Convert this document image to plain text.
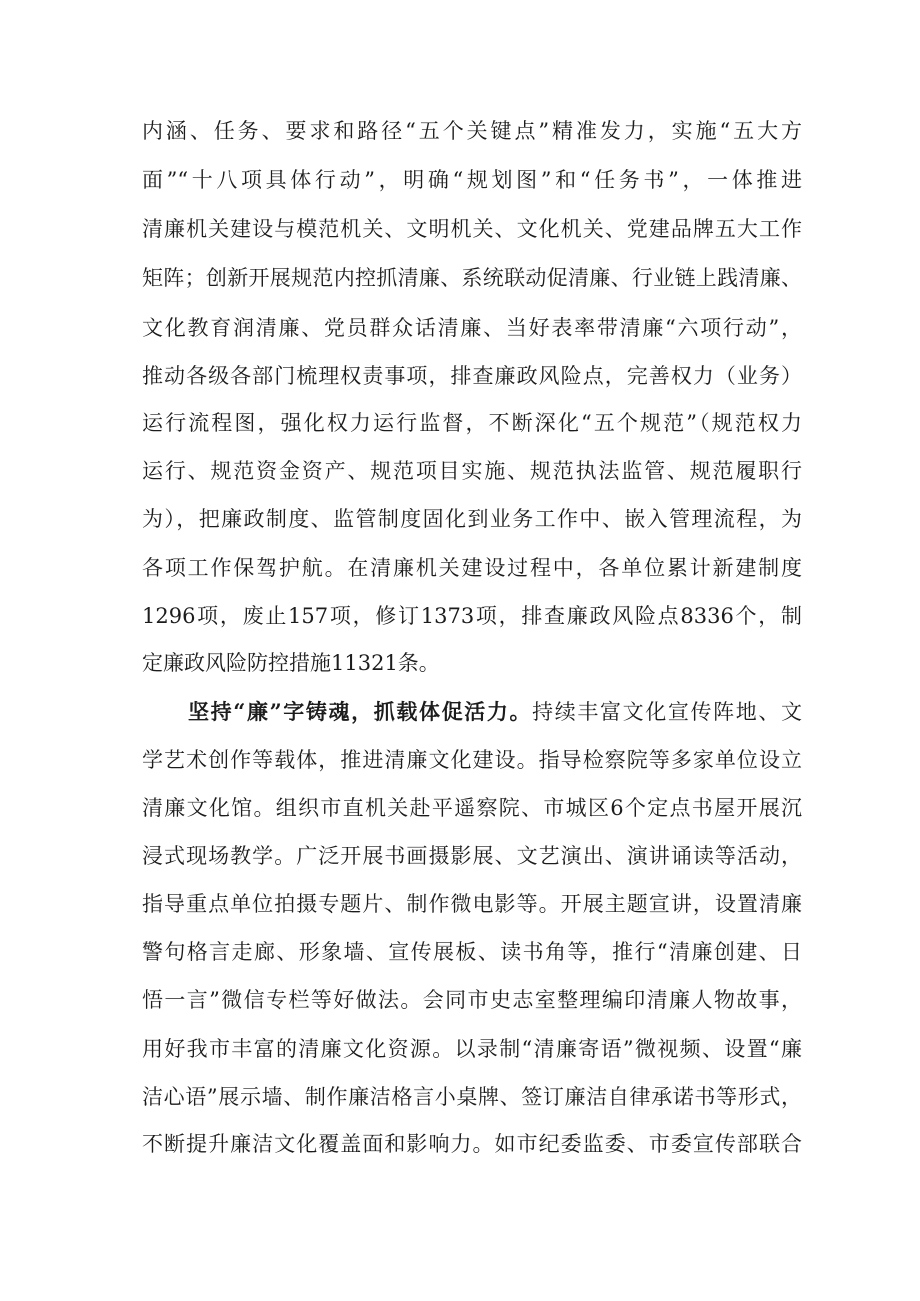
内涵、任务、要求和路径“五个关键点”精准发力，实施“五大方
面”“十八项具体行动”，明确“规划图”和“任务书”，一体推进
清廉机关建设与模范机关、文明机关、文化机关、党建品牌五大工作
矩阵；创新开展规范内控抓清廉、系统联动促清廉、行业链上践清廉、
文化教育润清廉、党员群众话清廉、当好表率带清廉“六项行动”，
推动各级各部门梳理权责事项，排查廉政风险点，完善权力（业务）
运行流程图，强化权力运行监督，不断深化“五个规范”（规范权力
运行、规范资金资产、规范项目实施、规范执法监管、规范履职行
为），把廉政制度、监管制度固化到业务工作中、嵌入管理流程，为
各项工作保驾护航。在清廉机关建设过程中，各单位累计新建制度
1296项，废止157项，修订1373项，排查廉政风险点8336个，制
定廉政风险防控措施11321条。
坚持“廉”字铸魂，抓载体促活力。持续丰富文化宣传阵地、文
学艺术创作等载体，推进清廉文化建设。指导检察院等多家单位设立
清廉文化馆。组织市直机关赴平遥察院、市城区6个定点书屋开展沉
浸式现场教学。广泛开展书画摄影展、文艺演出、演讲诵读等活动，
指导重点单位拍摄专题片、制作微电影等。开展主题宣讲，设置清廉
警句格言走廊、形象墙、宣传展板、读书角等，推行“清廉创建、日
悟一言”微信专栏等好做法。会同市史志室整理编印清廉人物故事，
用好我市丰富的清廉文化资源。以录制“清廉寄语”微视频、设置“廉
洁心语”展示墙、制作廉洁格言小桌牌、签订廉洁自律承诺书等形式，
不断提升廉洁文化覆盖面和影响力。如市纪委监委、市委宣传部联合
